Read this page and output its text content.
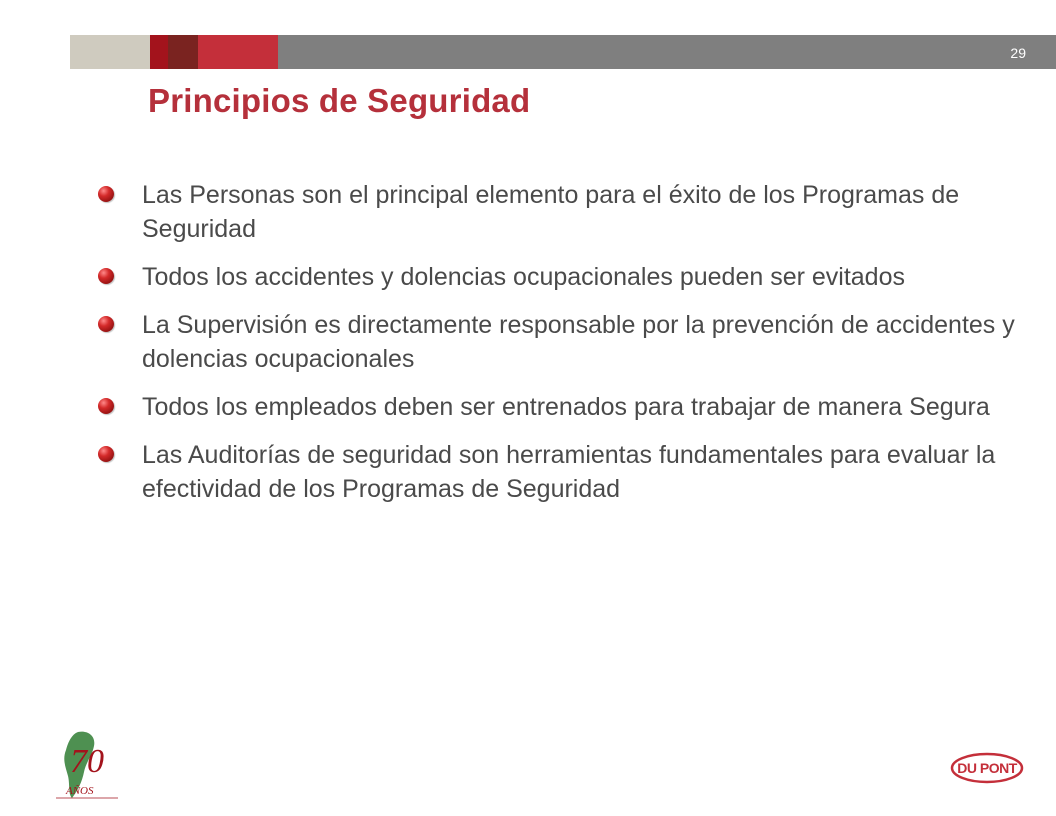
29
Principios de Seguridad
Las Personas son el principal elemento para el éxito de los Programas de Seguridad
Todos los accidentes y dolencias ocupacionales pueden ser evitados
La Supervisión es directamente responsable por la prevención de accidentes y dolencias ocupacionales
Todos los empleados deben ser entrenados para trabajar de manera Segura
Las Auditorías de seguridad son herramientas fundamentales para evaluar la efectividad de los Programas de Seguridad
70
AÑOS
DU PONT
